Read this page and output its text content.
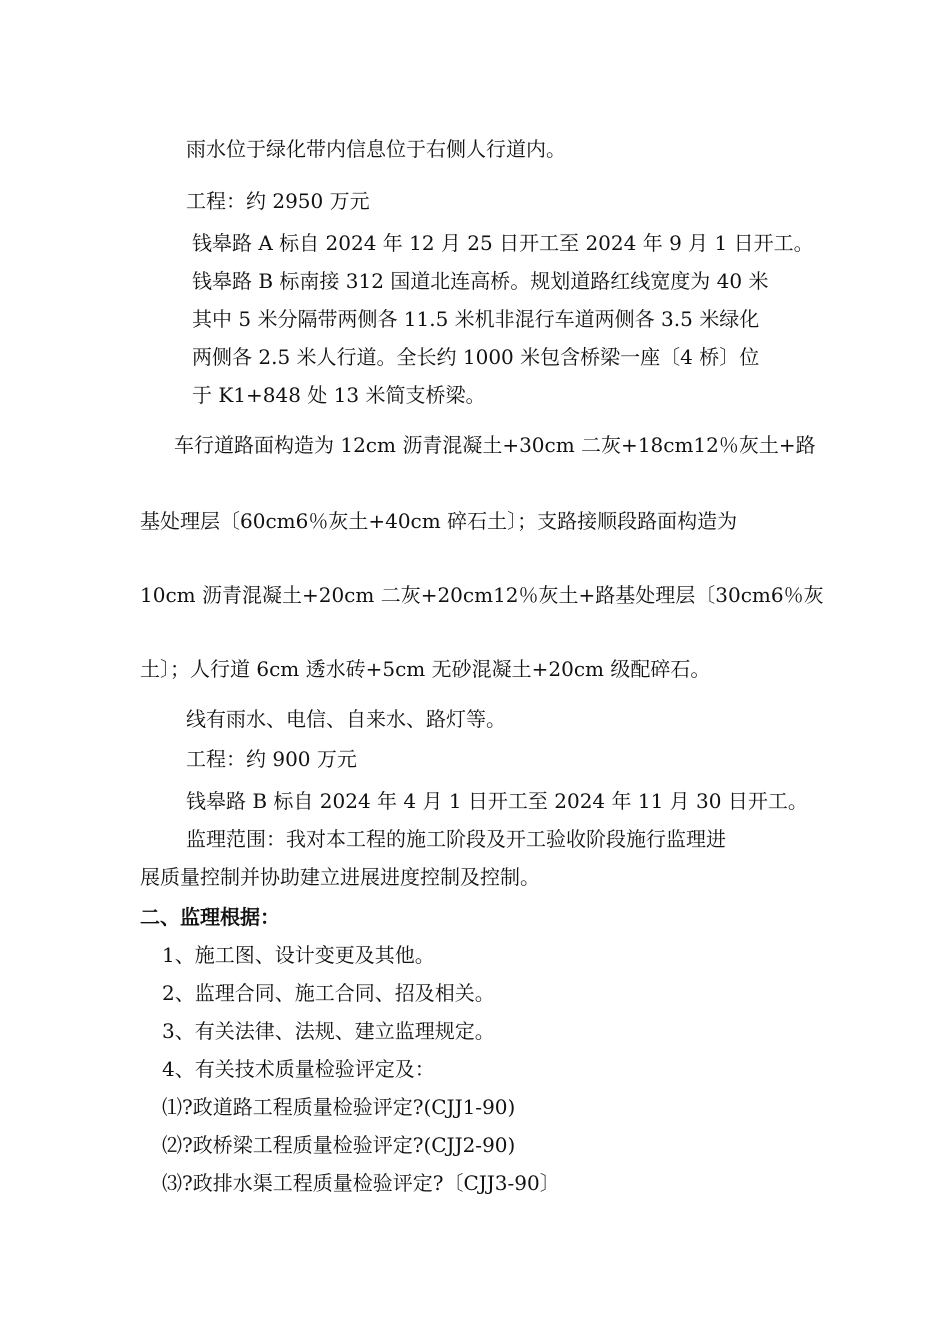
雨水位于绿化带内信息位于右侧人行道内。

工程：约 2950 万元

钱皋路 A 标自 2024 年 12 月 25 日开工至 2024 年 9 月 1 日开工。

钱皋路 B 标南接 312 国道北连高桥。规划道路红线宽度为 40 米

其中 5 米分隔带两侧各 11.5 米机非混行车道两侧各 3.5 米绿化

两侧各 2.5 米人行道。全长约 1000 米包含桥梁一座〔4 桥〕位

于 K1+848 处 13 米简支桥梁。

车行道路面构造为 12cm 沥青混凝土+30cm 二灰+18cm12％灰土+路

基处理层〔60cm6％灰土+40cm 碎石土〕；支路接顺段路面构造为

10cm 沥青混凝土+20cm 二灰+20cm12％灰土+路基处理层〔30cm6％灰

土〕；人行道 6cm 透水砖+5cm 无砂混凝土+20cm 级配碎石。

线有雨水、电信、自来水、路灯等。

工程：约 900 万元

钱皋路 B 标自 2024 年 4 月 1 日开工至 2024 年 11 月 30 日开工。

监理范围：我对本工程的施工阶段及开工验收阶段施行监理进

展质量控制并协助建立进展进度控制及控制。

二、监理根据：

1、施工图、设计变更及其他。

2、监理合同、施工合同、招及相关。

3、有关法律、法规、建立监理规定。

4、有关技术质量检验评定及：

⑴?政道路工程质量检验评定?(CJJ1-90)

⑵?政桥梁工程质量检验评定?(CJJ2-90)

⑶?政排水渠工程质量检验评定?〔CJJ3-90〕
